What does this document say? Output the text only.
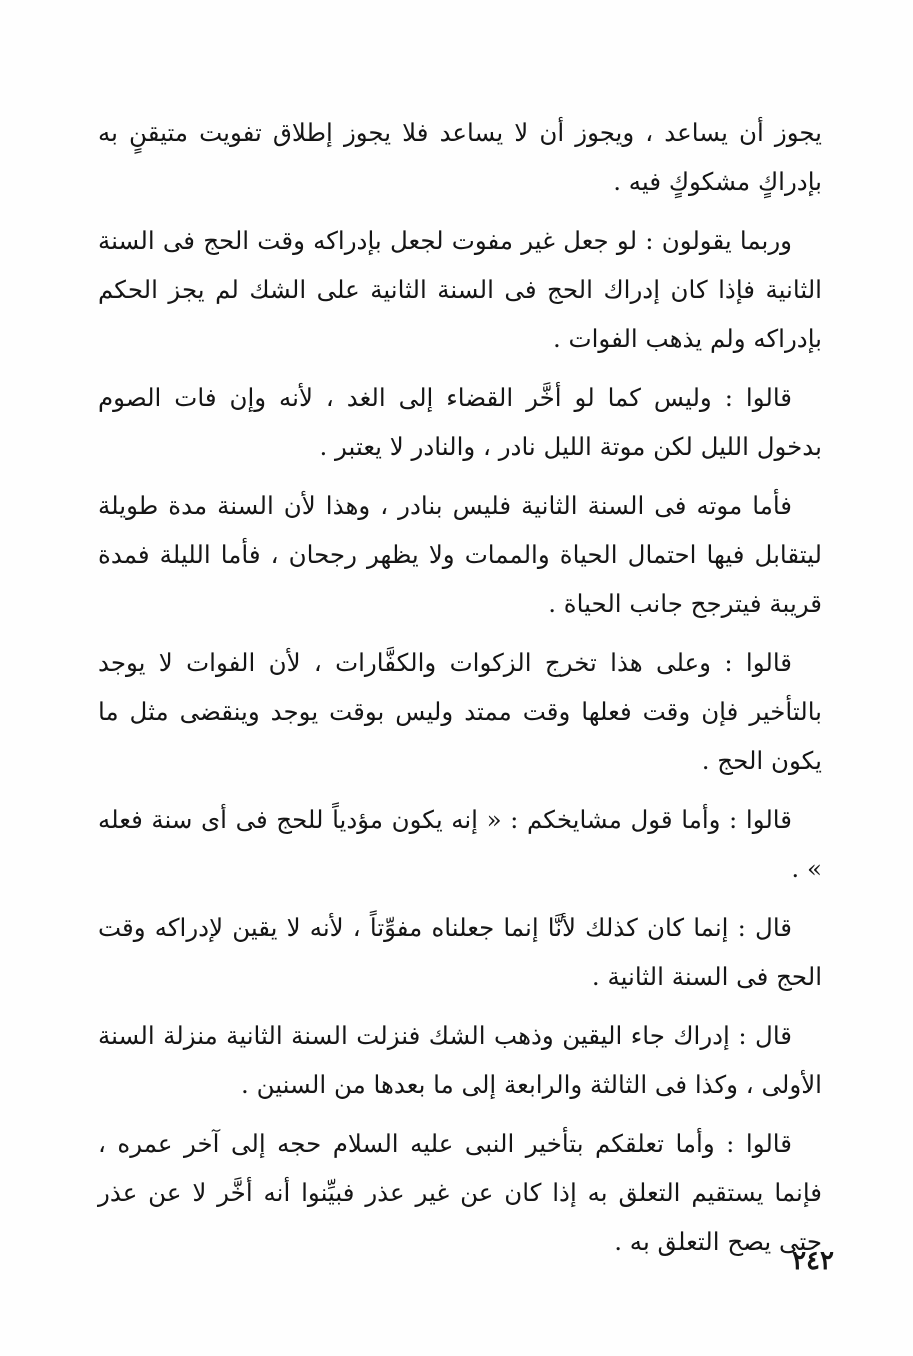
يجوز أن يساعد ، ويجوز أن لا يساعد فلا يجوز إطلاق تفويت متيقنٍ به بإدراكٍ مشكوكٍ فيه .

وربما يقولون : لو جعل غير مفوت لجعل بإدراكه وقت الحج فى السنة الثانية فإذا كان إدراك الحج فى السنة الثانية على الشك لم يجز الحكم بإدراكه ولم يذهب الفوات .

قالوا : وليس كما لو أخَّر القضاء إلى الغد ، لأنه وإن فات الصوم بدخول الليل لكن موتة الليل نادر ، والنادر لا يعتبر .

فأما موته فى السنة الثانية فليس بنادر ، وهذا لأن السنة مدة طويلة ليتقابل فيها احتمال الحياة والممات ولا يظهر رجحان ، فأما الليلة فمدة قريبة فيترجح جانب الحياة .

قالوا : وعلى هذا تخرج الزكوات والكفَّارات ، لأن الفوات لا يوجد بالتأخير فإن وقت فعلها وقت ممتد وليس بوقت يوجد وينقضى مثل ما يكون الحج .

قالوا : وأما قول مشايخكم : « إنه يكون مؤدياً للحج فى أى سنة فعله » .

قال : إنما كان كذلك لأنَّا إنما جعلناه مفوِّتاً ، لأنه لا يقين لإدراكه وقت الحج فى السنة الثانية .

قال : إدراك جاء اليقين وذهب الشك فنزلت السنة الثانية منزلة السنة الأولى ، وكذا فى الثالثة والرابعة إلى ما بعدها من السنين .

قالوا : وأما تعلقكم بتأخير النبى عليه السلام حجه إلى آخر عمره ، فإنما يستقيم التعلق به إذا كان عن غير عذر فبيِّنوا أنه أخَّر لا عن عذر حتى يصح التعلق به .

٢٤٢
